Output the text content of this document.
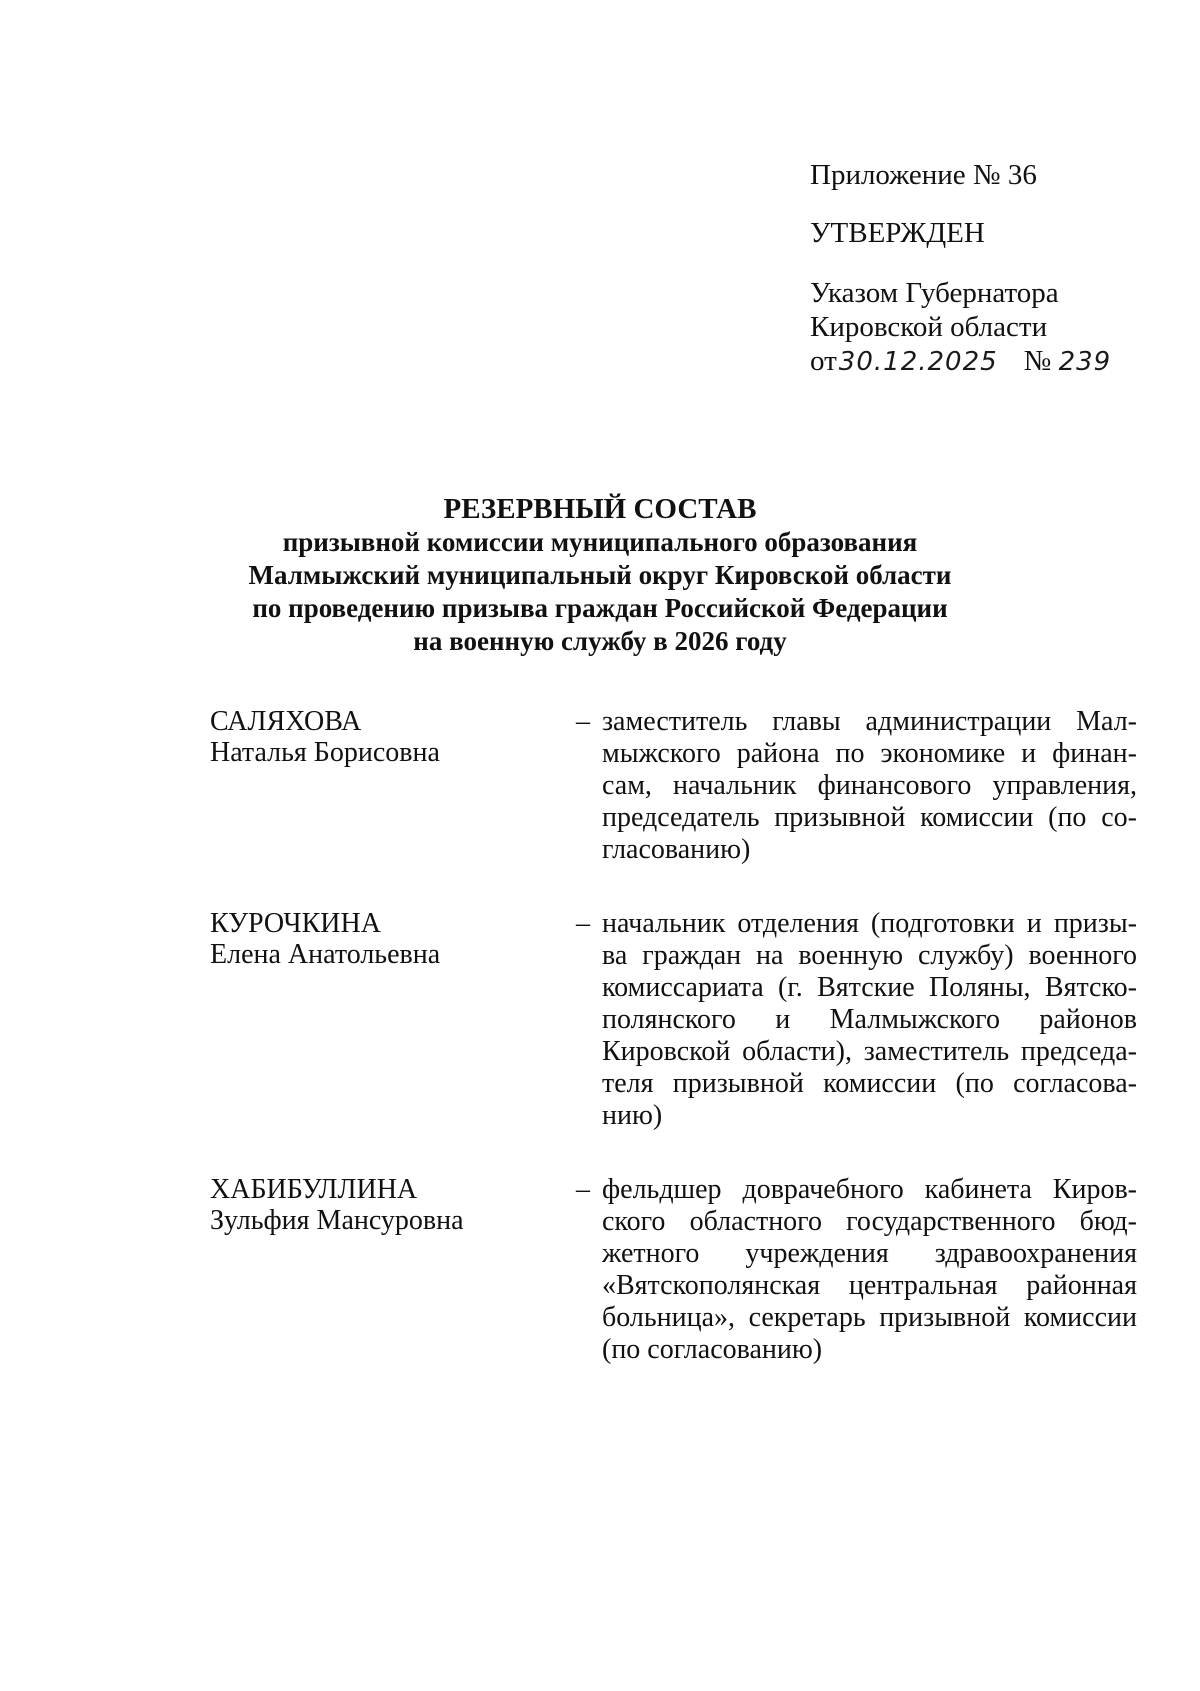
Приложение № 36
УТВЕРЖДЕН
Указом Губернатора
Кировской области
от30.12.2025 № 239
РЕЗЕРВНЫЙ СОСТАВ
призывной комиссии муниципального образования
Малмыжский муниципальный округ Кировской области
по проведению призыва граждан Российской Федерации
на военную службу в 2026 году
САЛЯХОВА
Наталья Борисовна
– заместитель главы администрации Мал-
мыжского района по экономике и финан-
сам, начальник финансового управления,
председатель призывной комиссии (по со-
гласованию)
КУРОЧКИНА
Елена Анатольевна
– начальник отделения (подготовки и призы-
ва граждан на военную службу) военного
комиссариата (г. Вятские Поляны, Вятско-
полянского и Малмыжского районов
Кировской области), заместитель председа-
теля призывной комиссии (по согласова-
нию)
ХАБИБУЛЛИНА
Зульфия Мансуровна
– фельдшер доврачебного кабинета Киров-
ского областного государственного бюд-
жетного учреждения здравоохранения
«Вятскополянская центральная районная
больница», секретарь призывной комиссии
(по согласованию)
